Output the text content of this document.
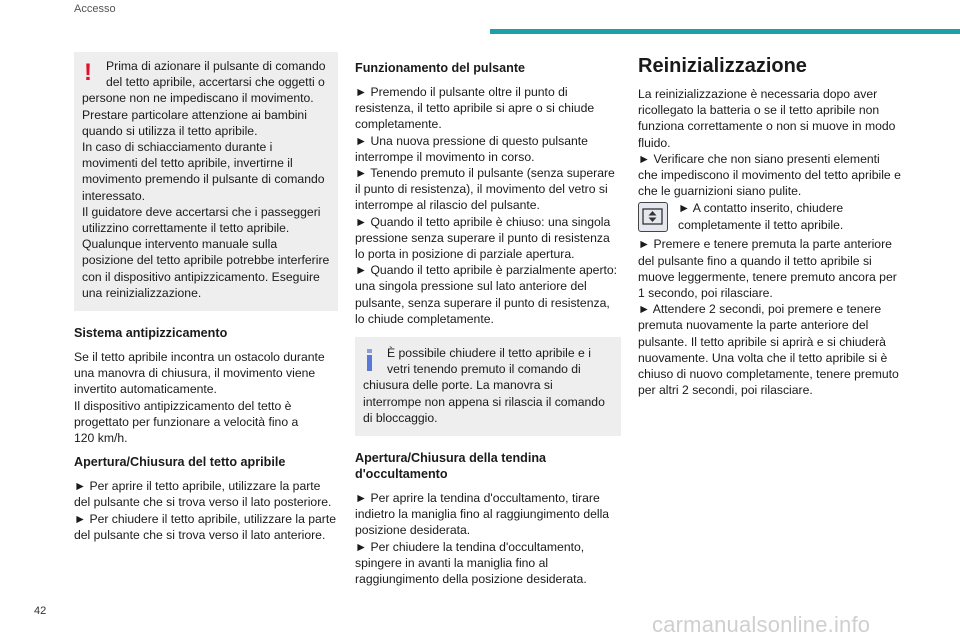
Accesso
!	Prima di azionare il pulsante di comando
del tetto apribile, accertarsi che oggetti o
persone non ne impediscano il movimento.
Prestare particolare attenzione ai bambini
quando si utilizza il tetto apribile.
In caso di schiacciamento durante i
movimenti del tetto apribile, invertirne il
movimento premendo il pulsante di comando
interessato.
Il guidatore deve accertarsi che i passeggeri
utilizzino correttamente il tetto apribile.
Qualunque intervento manuale sulla
posizione del tetto apribile potrebbe interferire
con il dispositivo antipizzicamento. Eseguire
una reinizializzazione.
Sistema antipizzicamento
Se il tetto apribile incontra un ostacolo durante
una manovra di chiusura, il movimento viene
invertito automaticamente.
Il dispositivo antipizzicamento del tetto è
progettato per funzionare a velocità fino a
120 km/h.
Apertura/Chiusura del tetto apribile
► Per aprire il tetto apribile, utilizzare la parte
del pulsante che si trova verso il lato posteriore.
► Per chiudere il tetto apribile, utilizzare la parte
del pulsante che si trova verso il lato anteriore.
Funzionamento del pulsante
► Premendo il pulsante oltre il punto di
resistenza, il tetto apribile si apre o si chiude
completamente.
► Una nuova pressione di questo pulsante
interrompe il movimento in corso.
► Tenendo premuto il pulsante (senza superare
il punto di resistenza), il movimento del vetro si
interrompe al rilascio del pulsante.
► Quando il tetto apribile è chiuso: una singola
pressione senza superare il punto di resistenza
lo porta in posizione di parziale apertura.
► Quando il tetto apribile è parzialmente aperto:
una singola pressione sul lato anteriore del
pulsante, senza superare il punto di resistenza,
lo chiude completamente.
È possibile chiudere il tetto apribile e i
vetri tenendo premuto il comando di
chiusura delle porte. La manovra si
interrompe non appena si rilascia il comando
di bloccaggio.
Apertura/Chiusura della tendina
d'occultamento
► Per aprire la tendina d'occultamento, tirare
indietro la maniglia fino al raggiungimento della
posizione desiderata.
► Per chiudere la tendina d'occultamento,
spingere in avanti la maniglia fino al
raggiungimento della posizione desiderata.
Reinizializzazione
La reinizializzazione è necessaria dopo aver
ricollegato la batteria o se il tetto apribile non
funziona correttamente o non si muove in modo
fluido.
► Verificare che non siano presenti elementi
che impediscono il movimento del tetto apribile e
che le guarnizioni siano pulite.
► A contatto inserito, chiudere
completamente il tetto apribile.
► Premere e tenere premuta la parte anteriore
del pulsante fino a quando il tetto apribile si
muove leggermente, tenere premuto ancora per
1 secondo, poi rilasciare.
► Attendere 2 secondi, poi premere e tenere
premuta nuovamente la parte anteriore del
pulsante. Il tetto apribile si aprirà e si chiuderà
nuovamente. Una volta che il tetto apribile si è
chiuso di nuovo completamente, tenere premuto
per altri 2 secondi, poi rilasciare.
42
carmanualsonline.info
